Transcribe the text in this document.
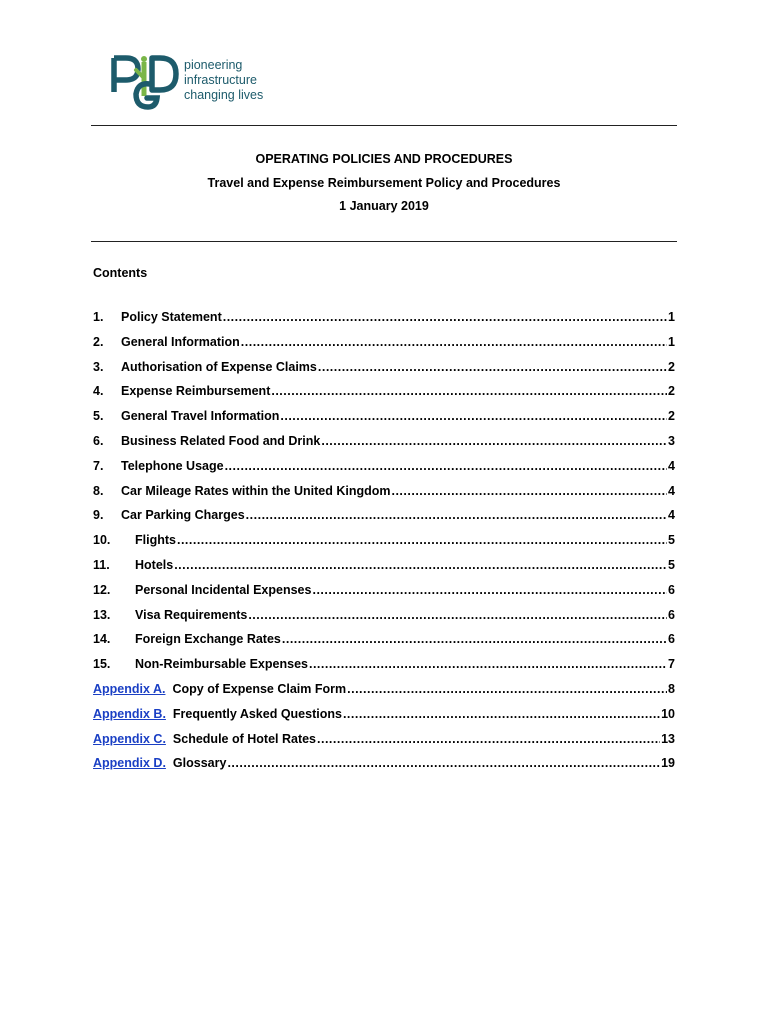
pioneering
infrastructure
changing lives
OPERATING POLICIES AND PROCEDURES
Travel and Expense Reimbursement Policy and Procedures
1 January 2019
Contents
1.	Policy Statement .....	1
2.	General Information .....	1
3.	Authorisation of Expense Claims .....	2
4.	Expense Reimbursement .....	2
5.	General Travel Information .....	2
6.	Business Related Food and Drink .....	3
7.	Telephone Usage .....	4
8.	Car Mileage Rates within the United Kingdom .....	4
9.	Car Parking Charges .....	4
10.	Flights .....	5
11.	Hotels .....	5
12.	Personal Incidental Expenses .....	6
13.	Visa Requirements .....	6
14.	Foreign Exchange Rates .....	6
15.	Non-Reimbursable Expenses .....	7
Appendix A. Copy of Expense Claim Form .....	8
Appendix B. Frequently Asked Questions .....	10
Appendix C. Schedule of Hotel Rates .....	13
Appendix D. Glossary .....	19
